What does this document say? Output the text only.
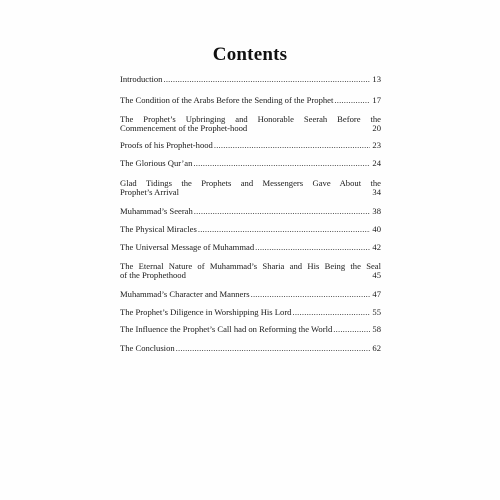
Contents
Introduction .....	13
The Condition of the Arabs Before the Sending of the Prophet .....	17
The Prophet’s Upbringing and Honorable Seerah Before the
Commencement of the Prophet-hood	20
Proofs of his Prophet-hood .....	23
The Glorious Qur’an .....	24
Glad Tidings the Prophets and Messengers Gave About the
Prophet’s Arrival	34
Muhammad’s Seerah .....	38
The Physical Miracles .....	40
The Universal Message of Muhammad .....	42
The Eternal Nature of Muhammad’s Sharia and His Being the Seal
of the Prophethood	45
Muhammad’s Character and Manners .....	47
The Prophet’s Diligence in Worshipping His Lord .....	55
The Influence the Prophet’s Call had on Reforming the World .....	58
The Conclusion .....	62
